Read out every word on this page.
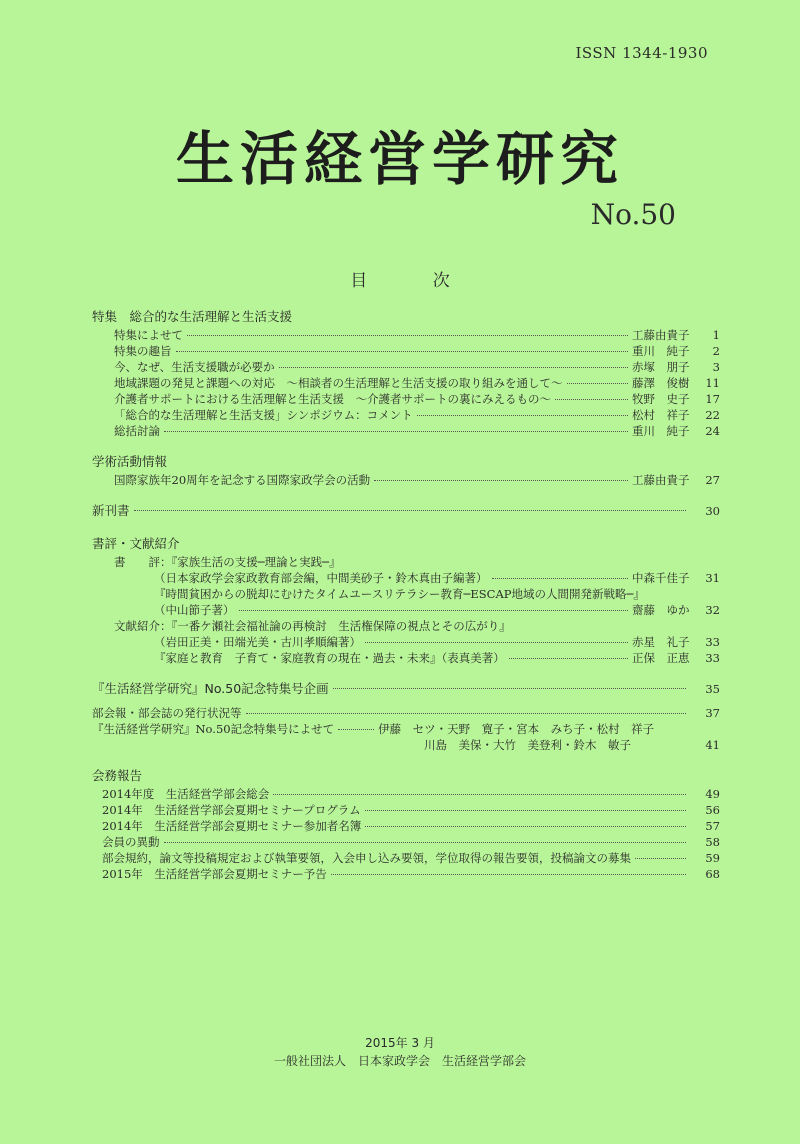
ISSN 1344-1930
生活経営学研究
No.50
目 次
特集　総合的な生活理解と生活支援
特集によせて	工藤由貴子	1
特集の趣旨	重川　純子	2
今、なぜ、生活支援職が必要か	赤塚　朋子	3
地域課題の発見と課題への対応　～相談者の生活理解と生活支援の取り組みを通して～	藤澤　俊樹	11
介護者サポートにおける生活理解と生活支援　～介護者サポートの裏にみえるもの～	牧野　史子	17
「総合的な生活理解と生活支援」シンポジウム：コメント	松村　祥子	22
総括討論	重川　純子	24
学術活動情報
国際家族年20周年を記念する国際家政学会の活動	工藤由貴子	27
新刊書	30
書評・文献紹介
書　　評：『家族生活の支援─理論と実践─』
（日本家政学会家政教育部会編，中間美砂子・鈴木真由子編著）	中森千佳子	31
『時間貧困からの脱却にむけたタイムユースリテラシー教育─ESCAP地域の人間開発新戦略─』
（中山節子著）	齋藤　ゆか	32
文献紹介：『一番ケ瀬社会福祉論の再検討　生活権保障の視点とその広がり』
（岩田正美・田端光美・古川孝順編著）	赤星　礼子	33
『家庭と教育　子育て・家庭教育の現在・過去・未来』（表真美著）	正保　正恵	33
『生活経営学研究』No.50記念特集号企画	35
部会報・部会誌の発行状況等	37
『生活経営学研究』No.50記念特集号によせて	伊藤　セツ・天野　寛子・宮本　みち子・松村　祥子
川島　美保・大竹　美登利・鈴木　敏子	41
会務報告
2014年度　生活経営学部会総会	49
2014年　生活経営学部会夏期セミナープログラム	56
2014年　生活経営学部会夏期セミナー参加者名簿	57
会員の異動	58
部会規約，論文等投稿規定および執筆要領，入会申し込み要領，学位取得の報告要領，投稿論文の募集	59
2015年　生活経営学部会夏期セミナー予告	68
2015年 3 月
一般社団法人　日本家政学会　生活経営学部会
